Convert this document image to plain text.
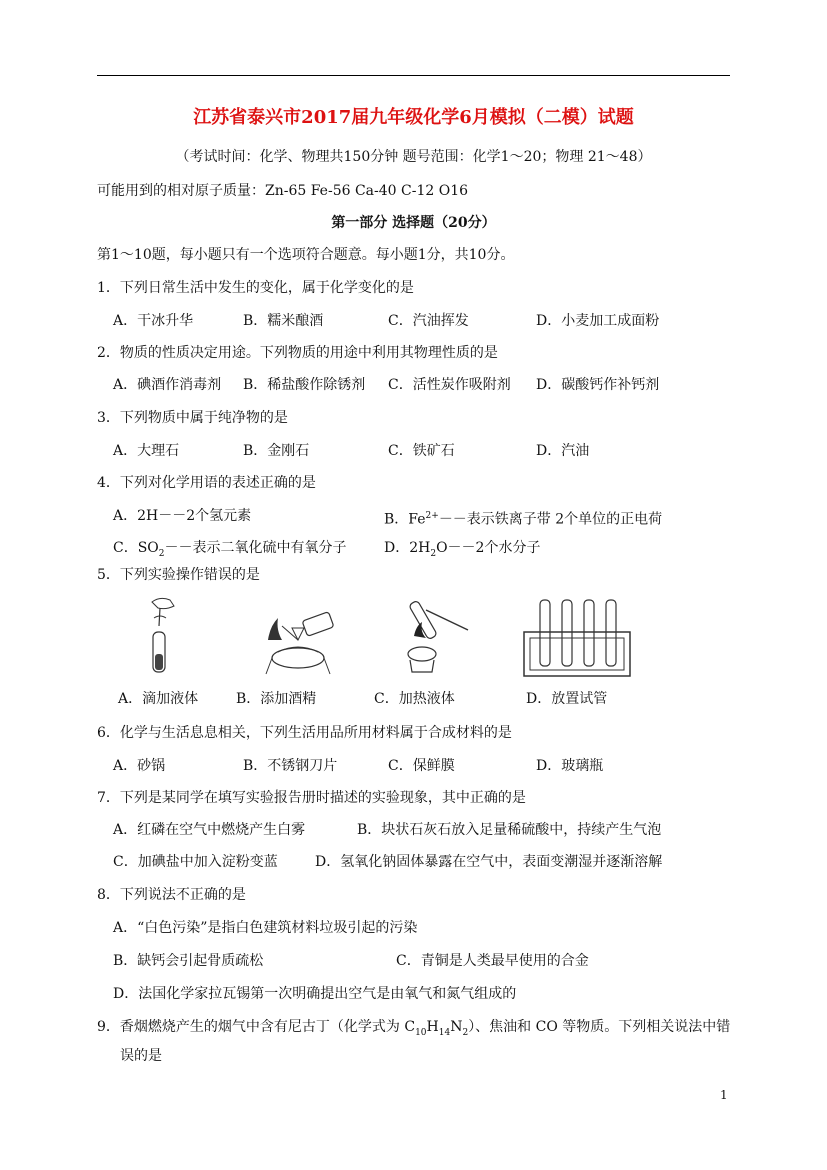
江苏省泰兴市2017届九年级化学6月模拟（二模）试题
（考试时间：化学、物理共150分钟 题号范围：化学1～20；物理 21～48）
可能用到的相对原子质量：Zn-65 Fe-56 Ca-40 C-12 O16
第一部分 选择题（20分）
第1～10题，每小题只有一个选项符合题意。每小题1分，共10分。
1．下列日常生活中发生的变化，属于化学变化的是
A．干冰升华	B．糯米酿酒	C．汽油挥发	D．小麦加工成面粉
2．物质的性质决定用途。下列物质的用途中利用其物理性质的是
A．碘酒作消毒剂 B．稀盐酸作除锈剂 C．活性炭作吸附剂 D．碳酸钙作补钙剂
3．下列物质中属于纯净物的是
A．大理石	B．金刚石	C．铁矿石	D．汽油
4．下列对化学用语的表述正确的是
A．2H－－2个氢元素	B．$Fe^{2+}--$表示铁离子带 2个单位的正电荷
C．$SO_2--$表示二氧化硫中有氧分子	D．$2H_2O--2$个水分子
5．下列实验操作错误的是
A．滴加液体	B．添加酒精	C．加热液体	D．放置试管
6．化学与生活息息相关，下列生活用品所用材料属于合成材料的是
A．砂锅	B．不锈钢刀片	C．保鲜膜	D．玻璃瓶
7．下列是某同学在填写实验报告册时描述的实验现象，其中正确的是
A．红磷在空气中燃烧产生白雾	B．块状石灰石放入足量稀硫酸中，持续产生气泡
C．加碘盐中加入淀粉变蓝	D．氢氧化钠固体暴露在空气中，表面变潮湿并逐渐溶解
8．下列说法不正确的是
A．“白色污染”是指白色建筑材料垃圾引起的污染
B．缺钙会引起骨质疏松	C．青铜是人类最早使用的合金
D．法国化学家拉瓦锡第一次明确提出空气是由氧气和氮气组成的
9．香烟燃烧产生的烟气中含有尼古丁（化学式为 $C_{10}H_{14}N_2$）、焦油和 CO 等物质。下列相关说法中错
误的是
1
